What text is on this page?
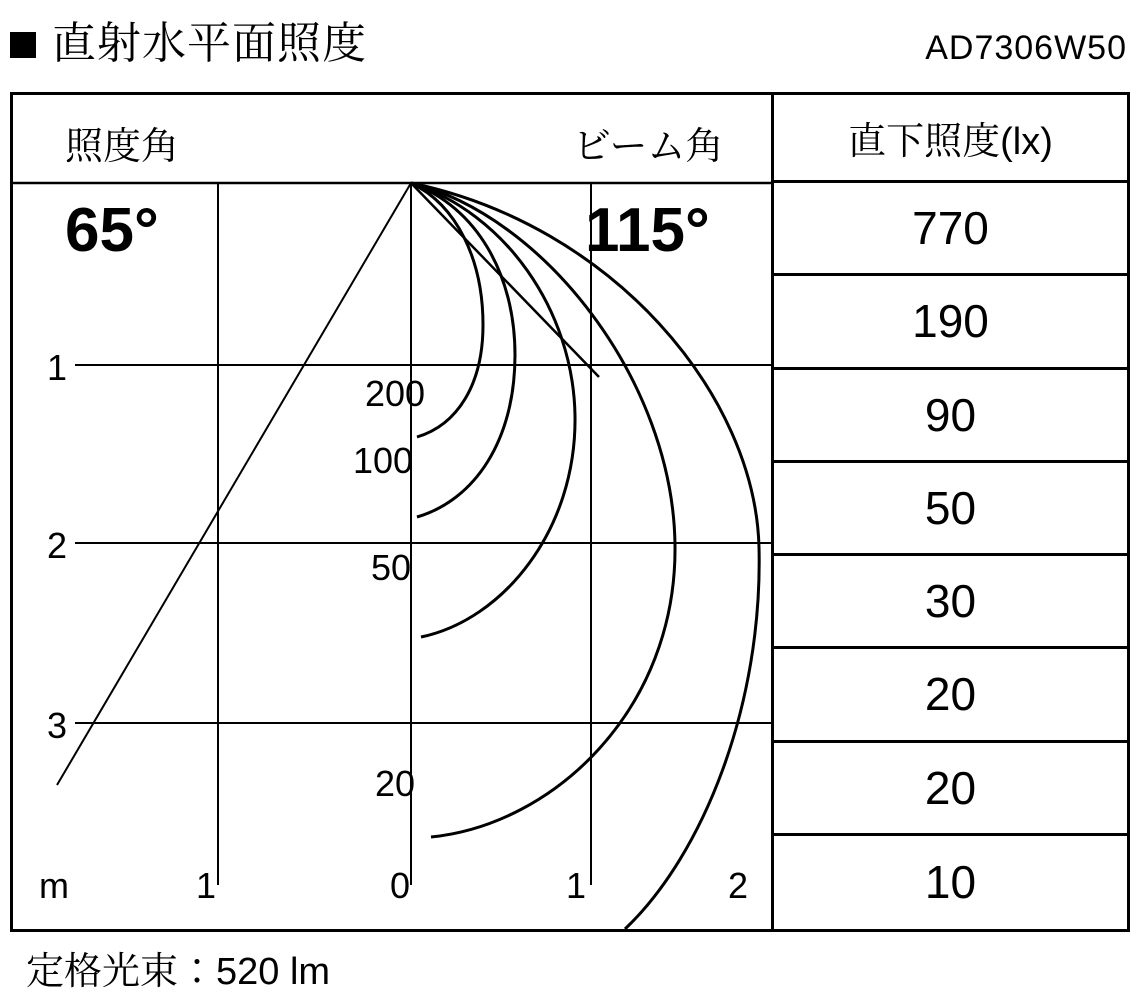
直射水平面照度	AD7306W50
照度角
65°
ビーム角
115°
200
100
50
20
1
2
3
m	1	0	1	2
直下照度(lx)
770
190
90
50
30
20
20
10
定格光束：520 lm
